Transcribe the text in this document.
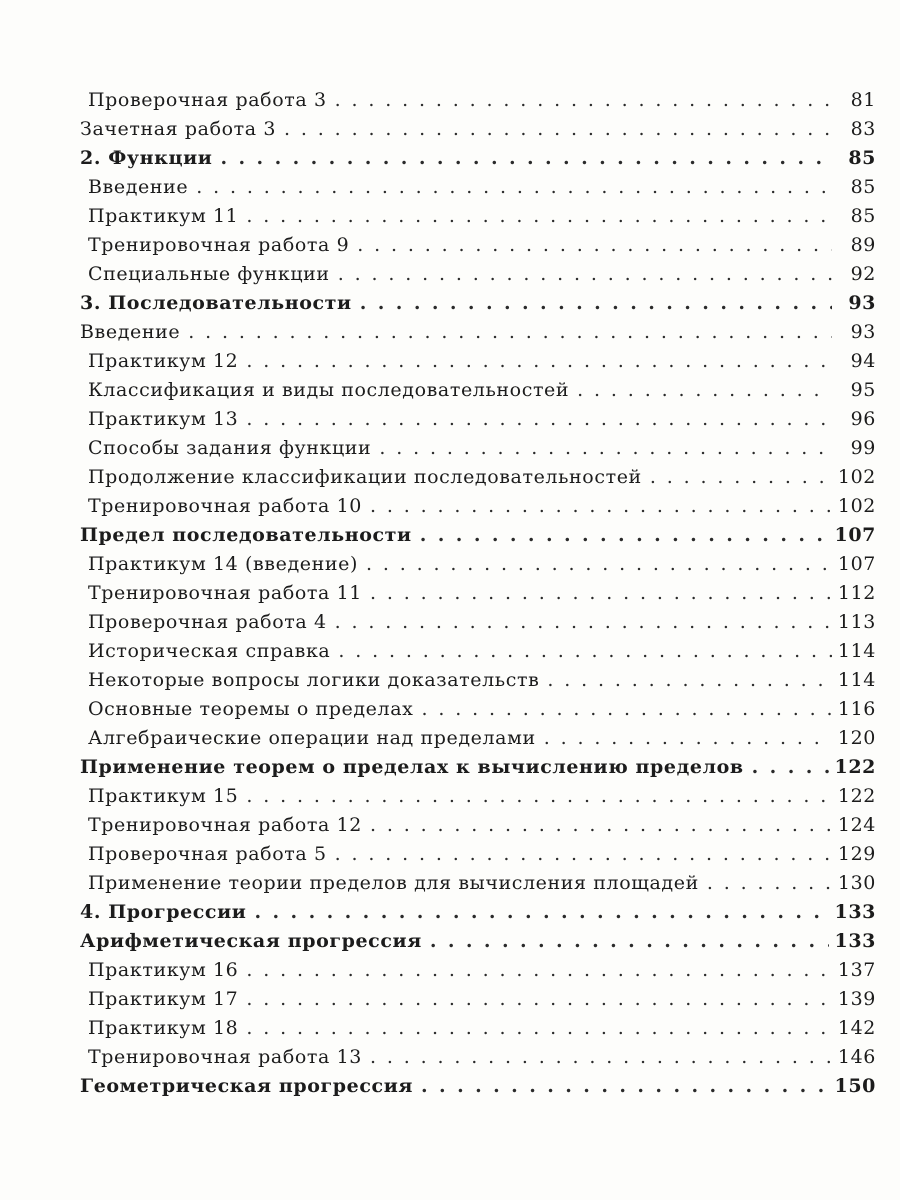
Проверочная работа 3 . . .	81
Зачетная работа 3 . . .	83
2. Функции . . .	85
Введение . . .	85
Практикум 11 . . .	85
Тренировочная работа 9 . . .	89
Специальные функции . . .	92
3. Последовательности . . .	93
Введение . . .	93
Практикум 12 . . .	94
Классификация и виды последовательностей . . .	95
Практикум 13 . . .	96
Способы задания функции . . .	99
Продолжение классификации последовательностей . . .	102
Тренировочная работа 10 . . .	102
Предел последовательности . . .	107
Практикум 14 (введение) . . .	107
Тренировочная работа 11 . . .	112
Проверочная работа 4 . . .	113
Историческая справка . . .	114
Некоторые вопросы логики доказательств . . .	114
Основные теоремы о пределах . . .	116
Алгебраические операции над пределами . . .	120
Применение теорем о пределах к вычислению пределов . . .	122
Практикум 15 . . .	122
Тренировочная работа 12 . . .	124
Проверочная работа 5 . . .	129
Применение теории пределов для вычисления площадей . . .	130
4. Прогрессии . . .	133
Арифметическая прогрессия . . .	133
Практикум 16 . . .	137
Практикум 17 . . .	139
Практикум 18 . . .	142
Тренировочная работа 13 . . .	146
Геометрическая прогрессия . . .	150
